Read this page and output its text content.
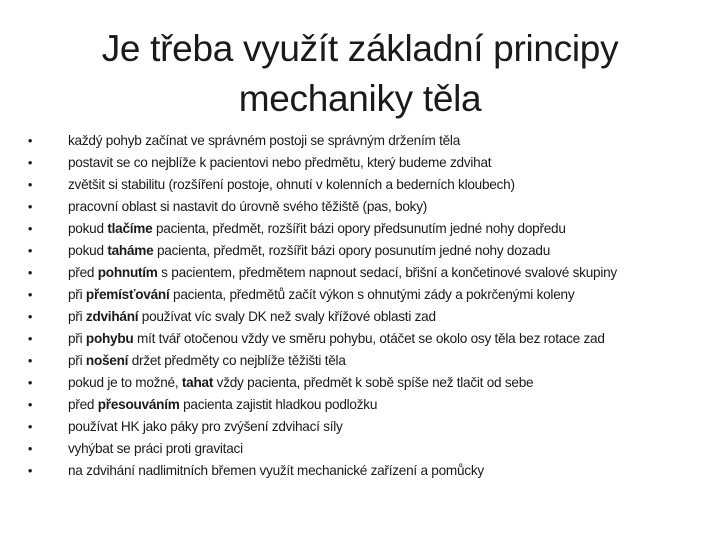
Je třeba využít základní principy
mechaniky těla
•
každý pohyb začínat ve správném postoji se správným držením těla
•
postavit se co nejblíže k pacientovi nebo předmětu, který budeme zdvihat
•
zvětšit si stabilitu (rozšíření postoje, ohnutí v kolenních a bederních kloubech)
•
pracovní oblast si nastavit do úrovně svého těžiště (pas, boky)
•
pokud tlačíme pacienta, předmět, rozšířit bázi opory předsunutím jedné nohy dopředu
•
pokud taháme pacienta, předmět, rozšířit bázi opory posunutím jedné nohy dozadu
•
před pohnutím s pacientem, předmětem napnout sedací, břišní a končetinové svalové skupiny
•
při přemísťování pacienta, předmětů začít výkon s ohnutými zády a pokrčenými koleny
•
při zdvihání používat víc svaly DK než svaly křížové oblasti zad
•
při pohybu mít tvář otočenou vždy ve směru pohybu, otáčet se okolo osy těla bez rotace zad
•
při nošení držet předměty co nejblíže těžišti těla
•
pokud je to možné, tahat vždy pacienta, předmět k sobě spíše než tlačit od sebe
•
před přesouváním pacienta zajistit hladkou podložku
•
používat HK jako páky pro zvýšení zdvihací síly
•
vyhýbat se práci proti gravitaci
•
na zdvihání nadlimitních břemen využít mechanické zařízení a pomůcky
